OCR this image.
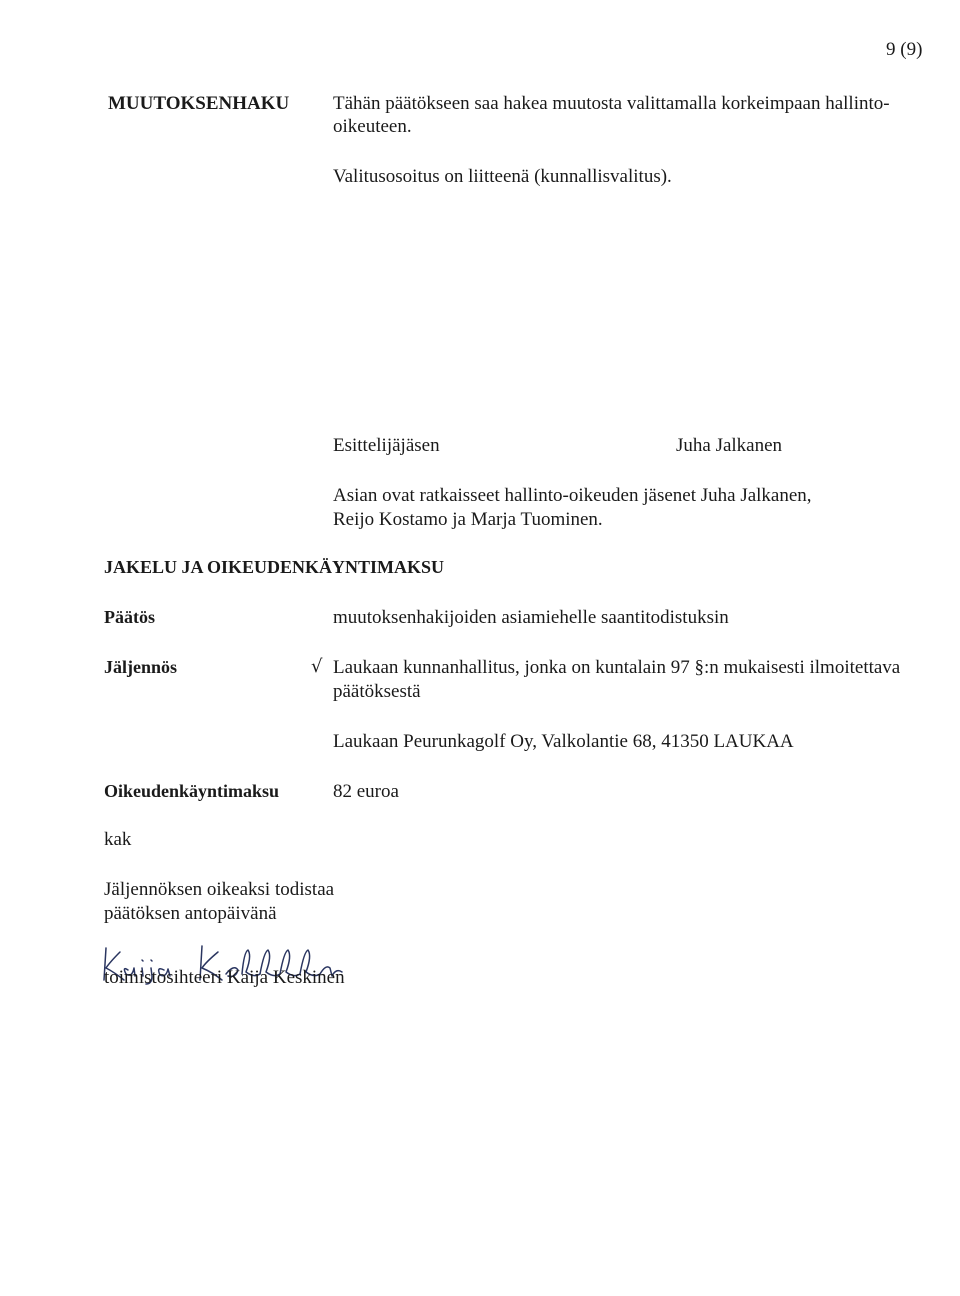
9 (9)
MUUTOKSENHAKU Tähän päätökseen saa hakea muutosta valittamalla korkeimpaan hallinto-
oikeuteen.
Valitusosoitus on liitteenä (kunnallisvalitus).
Esittelijäjäsen	Juha Jalkanen
Asian ovat ratkaisseet hallinto-oikeuden jäsenet Juha Jalkanen,
Reijo Kostamo ja Marja Tuominen.
JAKELU JA OIKEUDENKÄYNTIMAKSU
Päätös	muutoksenhakijoiden asiamiehelle saantitodistuksin
Jäljennös	√ Laukaan kunnanhallitus, jonka on kuntalain 97 §:n mukaisesti ilmoitettava
päätöksestä
Laukaan Peurunkagolf Oy, Valkolantie 68, 41350 LAUKAA
Oikeudenkäyntimaksu	82 euroa
kak
Jäljennöksen oikeaksi todistaa
päätöksen antopäivänä
toimistosihteeri Kaija Keskinen
